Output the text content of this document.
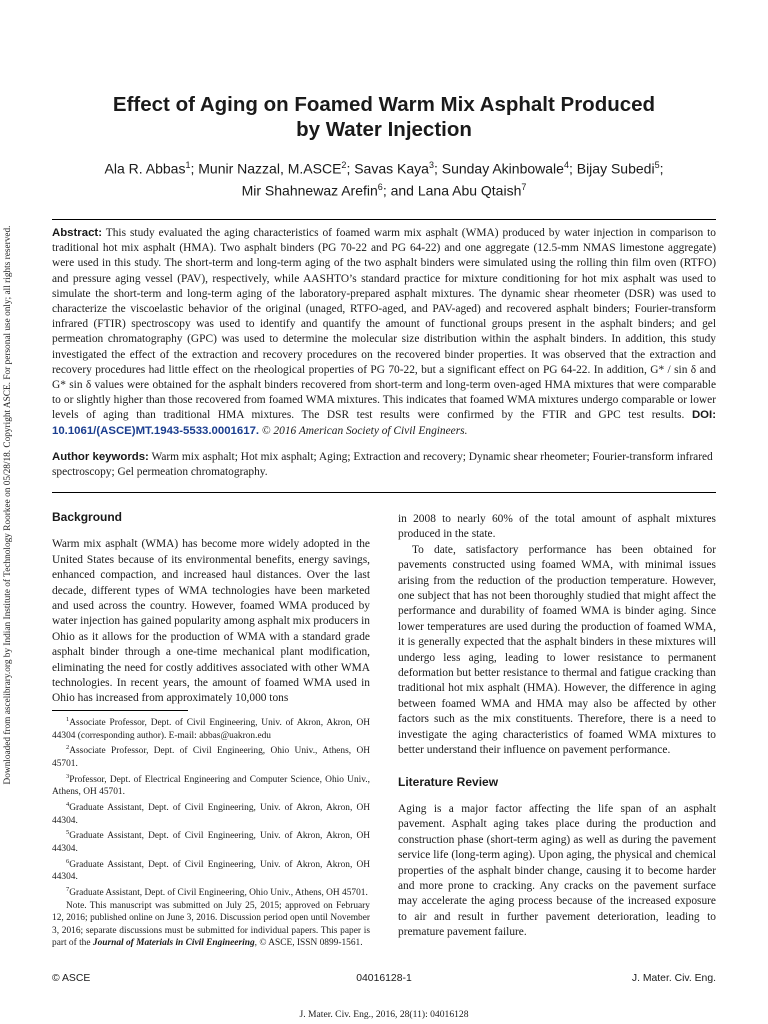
Downloaded from ascelibrary.org by Indian Institute of Technology Roorkee on 05/28/18. Copyright ASCE. For personal use only; all rights reserved.
Effect of Aging on Foamed Warm Mix Asphalt Produced
by Water Injection
Ala R. Abbas$^1$; Munir Nazzal, M.ASCE$^2$; Savas Kaya$^3$; Sunday Akinbowale$^4$; Bijay Subedi$^5$;
Mir Shahnewaz Arefin$^6$; and Lana Abu Qtaish$^7$
Abstract: This study evaluated the aging characteristics of foamed warm mix asphalt (WMA) produced by water injection in comparison to traditional hot mix asphalt (HMA). Two asphalt binders (PG 70-22 and PG 64-22) and one aggregate (12.5-mm NMAS limestone aggregate) were used in this study. The short-term and long-term aging of the two asphalt binders were simulated using the rolling thin film oven (RTFO) and pressure aging vessel (PAV), respectively, while AASHTO’s standard practice for mixture conditioning for hot mix asphalt was used to simulate the short-term and long-term aging of the laboratory-prepared asphalt mixtures. The dynamic shear rheometer (DSR) was used to characterize the viscoelastic behavior of the original (unaged, RTFO-aged, and PAV-aged) and recovered asphalt binders; Fourier-transform infrared (FTIR) spectroscopy was used to identify and quantify the amount of functional groups present in the asphalt binders; and gel permeation chromatography (GPC) was used to determine the molecular size distribution within the asphalt binders. In addition, this study investigated the effect of the extraction and recovery procedures on the recovered binder properties. It was observed that the extraction and recovery procedures had little effect on the rheological properties of PG 70-22, but a significant effect on PG 64-22. In addition, G* / sin δ and G* sin δ values were obtained for the asphalt binders recovered from short-term and long-term oven-aged HMA mixtures that were comparable to or slightly higher than those recovered from foamed WMA mixtures. This indicates that foamed WMA mixtures undergo comparable or lower levels of aging than traditional HMA mixtures. The DSR test results were confirmed by the FTIR and GPC test results. DOI: 10.1061/(ASCE)MT.1943-5533.0001617. © 2016 American Society of Civil Engineers.
Author keywords: Warm mix asphalt; Hot mix asphalt; Aging; Extraction and recovery; Dynamic shear rheometer; Fourier-transform infrared spectroscopy; Gel permeation chromatography.
Background

Warm mix asphalt (WMA) has become more widely adopted in the United States because of its environmental benefits, energy savings, enhanced compaction, and increased haul distances. Over the last decade, different types of WMA technologies have been marketed and used across the country. However, foamed WMA produced by water injection has gained popularity among asphalt mix producers in Ohio as it allows for the production of WMA with a standard grade asphalt binder through a one-time mechanical plant modification, eliminating the need for costly additives associated with other WMA technologies. In recent years, the amount of foamed WMA used in Ohio has increased from approximately 10,000 tons

$^1$Associate Professor, Dept. of Civil Engineering, Univ. of Akron, Akron, OH 44304 (corresponding author). E-mail: abbas@uakron.edu

$^2$Associate Professor, Dept. of Civil Engineering, Ohio Univ., Athens, OH 45701.

$^3$Professor, Dept. of Electrical Engineering and Computer Science, Ohio Univ., Athens, OH 45701.

$^4$Graduate Assistant, Dept. of Civil Engineering, Univ. of Akron, Akron, OH 44304.

$^5$Graduate Assistant, Dept. of Civil Engineering, Univ. of Akron, Akron, OH 44304.

$^6$Graduate Assistant, Dept. of Civil Engineering, Univ. of Akron, Akron, OH 44304.

$^7$Graduate Assistant, Dept. of Civil Engineering, Ohio Univ., Athens, OH 45701.

Note. This manuscript was submitted on July 25, 2015; approved on February 12, 2016; published online on June 3, 2016. Discussion period open until November 3, 2016; separate discussions must be submitted for individual papers. This paper is part of the Journal of Materials in Civil Engineering, © ASCE, ISSN 0899-1561.

in 2008 to nearly 60% of the total amount of asphalt mixtures produced in the state.

To date, satisfactory performance has been obtained for pavements constructed using foamed WMA, with minimal issues arising from the reduction of the production temperature. However, one subject that has not been thoroughly studied that might affect the performance and durability of foamed WMA is binder aging. Since lower temperatures are used during the production of foamed WMA, it is generally expected that the asphalt binders in these mixtures will undergo less aging, leading to lower resistance to permanent deformation but better resistance to thermal and fatigue cracking than traditional hot mix asphalt (HMA). However, the difference in aging between foamed WMA and HMA may also be affected by other factors such as the mix constituents. Therefore, there is a need to investigate the aging characteristics of foamed WMA mixtures to better understand their influence on pavement performance.

Literature Review

Aging is a major factor affecting the life span of an asphalt pavement. Asphalt aging takes place during the production and construction phase (short-term aging) as well as during the pavement service life (long-term aging). Upon aging, the physical and chemical properties of the asphalt binder change, causing it to become harder and more prone to cracking. Any cracks on the pavement surface may accelerate the aging process because of the increased exposure to air and result in further pavement deterioration, leading to premature pavement failure.

© ASCE	04016128-1	J. Mater. Civ. Eng.
J. Mater. Civ. Eng., 2016, 28(11): 04016128
